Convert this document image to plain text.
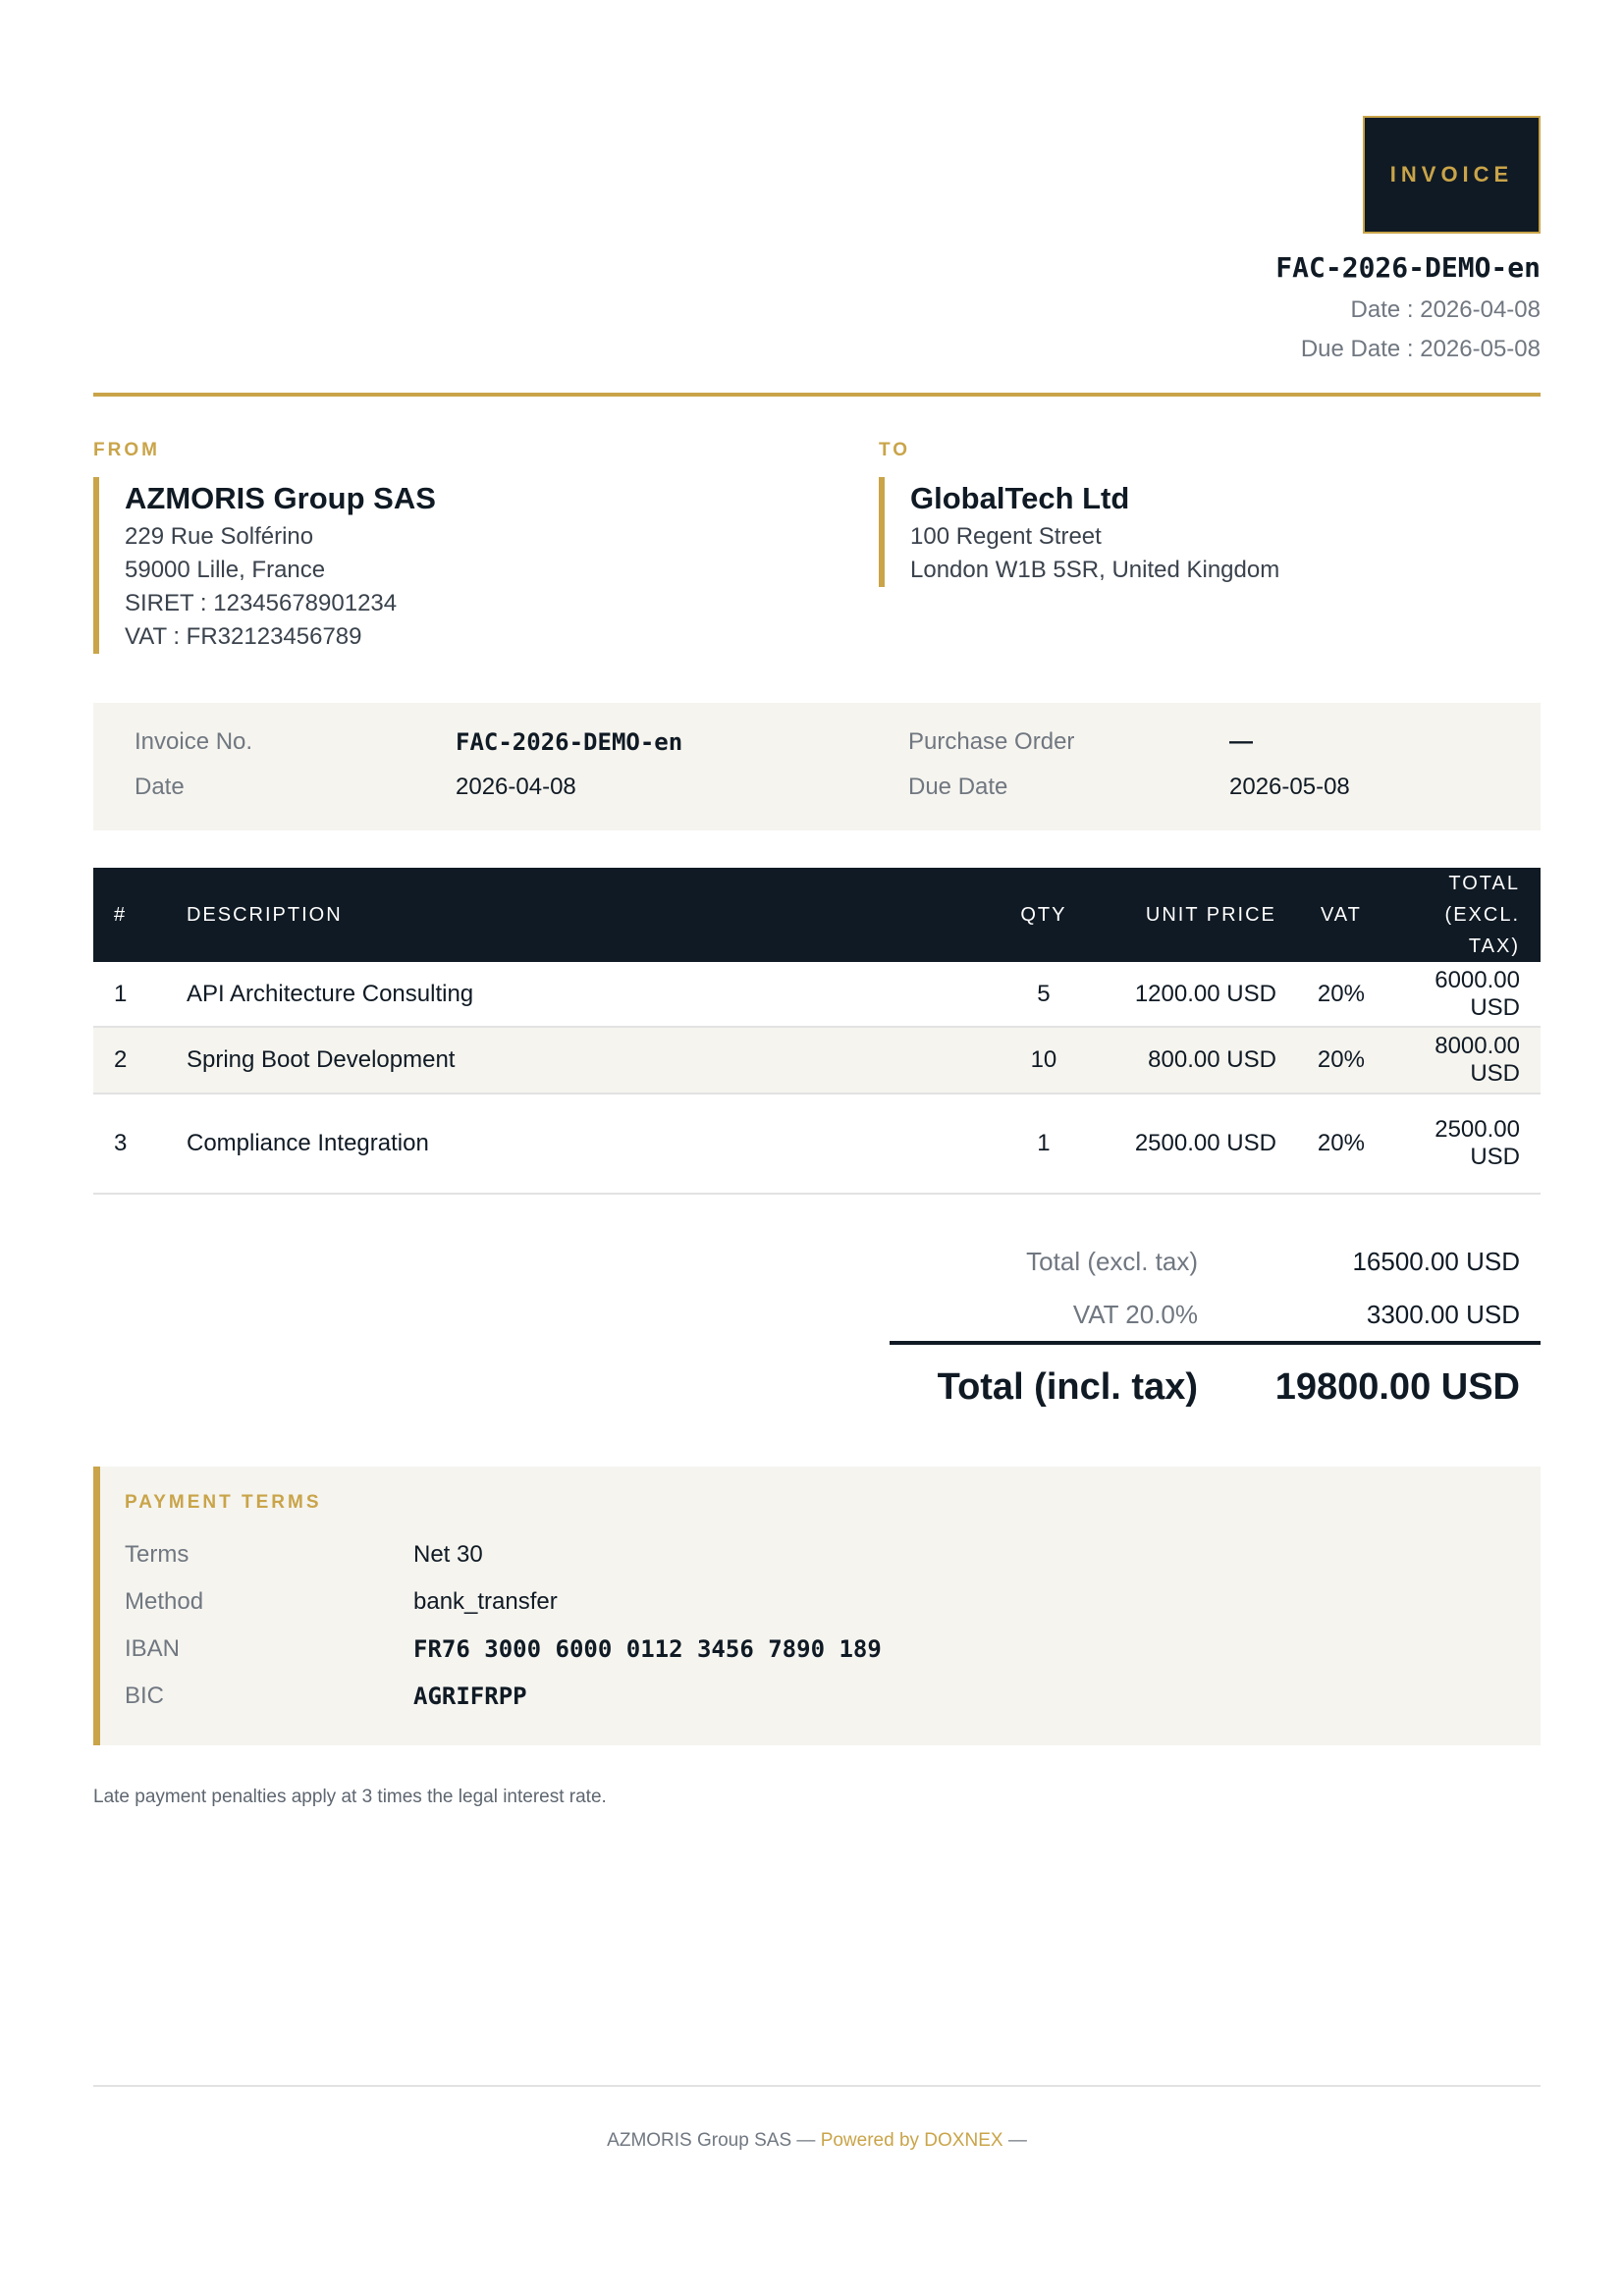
INVOICE
FAC-2026-DEMO-en
Date : 2026-04-08
Due Date : 2026-05-08
FROM
AZMORIS Group SAS
229 Rue Solférino
59000 Lille, France
SIRET : 12345678901234
VAT : FR32123456789
TO
GlobalTech Ltd
100 Regent Street
London W1B 5SR, United Kingdom
Invoice No.	FAC-2026-DEMO-en
Date	2026-04-08
Purchase Order	—
Due Date	2026-05-08
#	DESCRIPTION	QTY	UNIT PRICE	VAT	TOTAL (EXCL. TAX)
1	API Architecture Consulting	5	1200.00 USD	20%	6000.00 USD
2	Spring Boot Development	10	800.00 USD	20%	8000.00 USD
3	Compliance Integration	1	2500.00 USD	20%	2500.00 USD
Total (excl. tax)	16500.00 USD
VAT 20.0%	3300.00 USD
Total (incl. tax) 19800.00 USD
PAYMENT TERMS
Terms	Net 30
Method	bank_transfer
IBAN	FR76 3000 6000 0112 3456 7890 189
BIC	AGRIFRPP
Late payment penalties apply at 3 times the legal interest rate.
AZMORIS Group SAS — Powered by DOXNEX —
